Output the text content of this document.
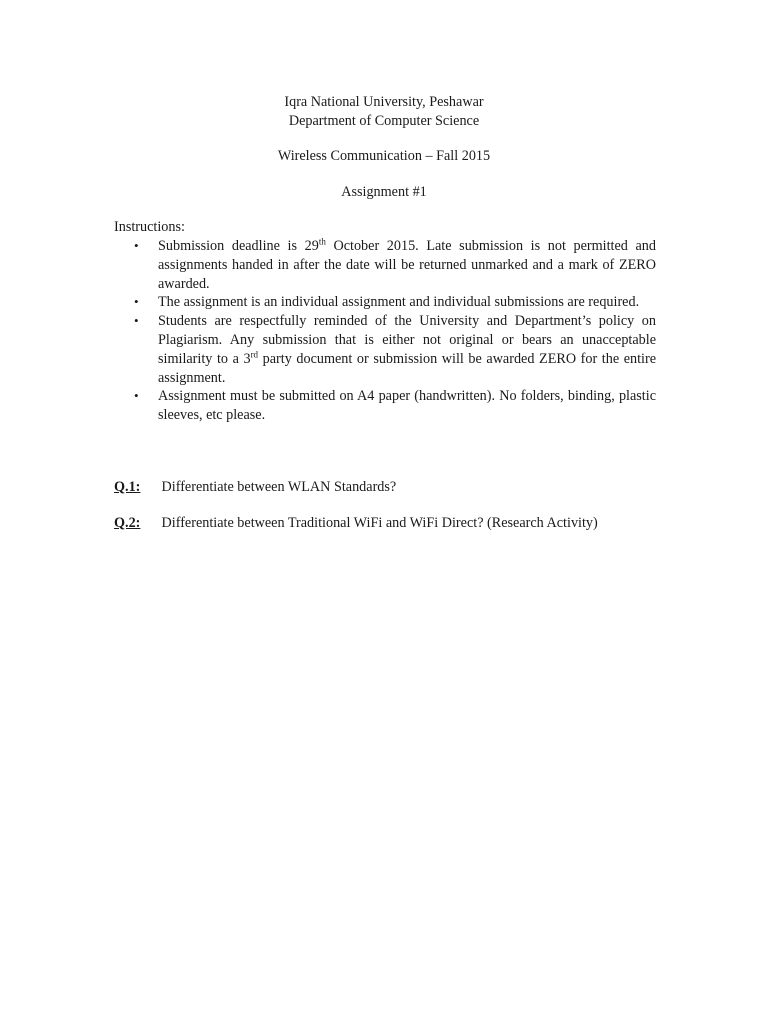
Iqra National University, Peshawar
Department of Computer Science
Wireless Communication – Fall 2015
Assignment #1
Instructions:
• Submission deadline is 29th October 2015. Late submission is not permitted and assignments handed in after the date will be returned unmarked and a mark of ZERO awarded.
• The assignment is an individual assignment and individual submissions are required.
• Students are respectfully reminded of the University and Department’s policy on Plagiarism. Any submission that is either not original or bears an unacceptable similarity to a 3rd party document or submission will be awarded ZERO for the entire assignment.
• Assignment must be submitted on A4 paper (handwritten). No folders, binding, plastic sleeves, etc please.
Q.1: Differentiate between WLAN Standards?
Q.2: Differentiate between Traditional WiFi and WiFi Direct? (Research Activity)
